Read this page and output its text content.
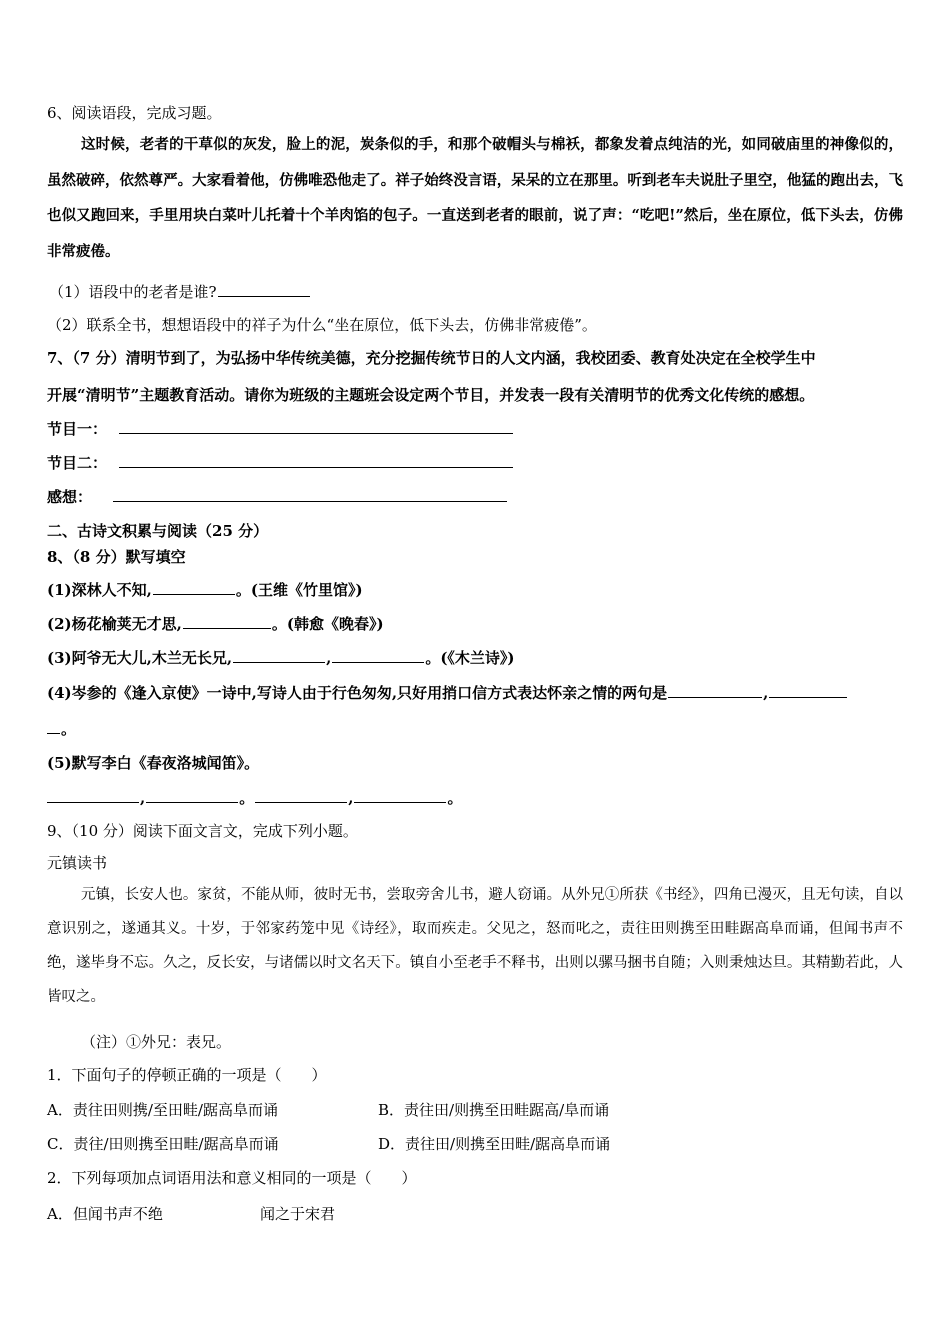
6、阅读语段，完成习题。
这时候，老者的干草似的灰发，脸上的泥，炭条似的手，和那个破帽头与棉袄，都象发着点纯洁的光，如同破庙里的神像似的，虽然破碎，依然尊严。大家看着他，仿佛唯恐他走了。祥子始终没言语，呆呆的立在那里。听到老车夫说肚子里空，他猛的跑出去，飞也似又跑回来，手里用块白菜叶儿托着十个羊肉馅的包子。一直送到老者的眼前，说了声：“吃吧!”然后，坐在原位，低下头去，仿佛非常疲倦。
（1）语段中的老者是谁?
（2）联系全书，想想语段中的祥子为什么“坐在原位，低下头去，仿佛非常疲倦”。
7、（7 分）清明节到了，为弘扬中华传统美德，充分挖掘传统节日的人文内涵，我校团委、教育处决定在全校学生中
开展“清明节”主题教育活动。请你为班级的主题班会设定两个节目，并发表一段有关清明节的优秀文化传统的感想。
节目一：
节目二：
感想：
二、古诗文积累与阅读（25 分）
8、（8 分）默写填空
(1)深林人不知,	。(王维《竹里馆》)
(2)杨花榆荚无才思,	。(韩愈《晚春》)
(3)阿爷无大儿,木兰无长兄,	,	。(《木兰诗》)
(4)岑参的《逢入京使》一诗中,写诗人由于行色匆匆,只好用捎口信方式表达怀亲之情的两句是	,
。
(5)默写李白《春夜洛城闻笛》。
,	。	,	。
9、（10 分）阅读下面文言文，完成下列小题。
元镇读书
元镇，长安人也。家贫，不能从师，彼时无书，尝取旁舍儿书，避人窃诵。从外兄①所获《书经》，四角已漫灭，且无句读，自以意识别之，遂通其义。十岁，于邻家药笼中见《诗经》，取而疾走。父见之，怒而叱之，责往田则携至田畦踞高阜而诵，但闻书声不绝，遂毕身不忘。久之，反长安，与诸儒以时文名天下。镇自小至老手不释书，出则以骡马捆书自随；入则秉烛达旦。其精勤若此，人皆叹之。
（注）①外兄：表兄。
1．下面句子的停顿正确的一项是（　　）
A．责往田则携/至田畦/踞高阜而诵	B．责往田/则携至田畦踞高/阜而诵
C．责往/田则携至田畦/踞高阜而诵	D．责往田/则携至田畦/踞高阜而诵
2．下列每项加点词语用法和意义相同的一项是（　　）
A．但闻书声不绝	闻之于宋君
